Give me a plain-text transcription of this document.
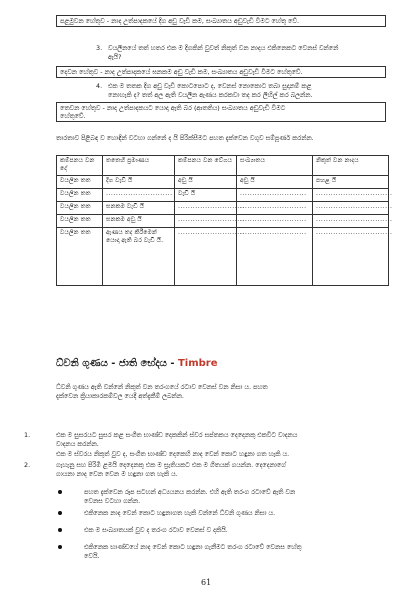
පළමුවන හේතුව - නාද උත්පාදකයේ දිග අඩු වැඩි කම, සංඛ්‍යාතය අඩුවැඩි වීමට හේතු වේ.
3. වයලීනයේ තත් හතර එක ම දිගකින් වුවත් නිකුත් වන නාදය එකිනෙකට වෙනස් වන්නේ
ඇයි?
දෙවන හේතුව - නාද උත්පාදකයේ ඝනකම අඩු වැඩි කම, සංඛ්‍යාතය අඩුවැඩි වීමට හේතුවේ.
4. එක ම තතක දිග අඩු වැඩි කොටපොට ද, වෙනස් නොකොට තබා සුදානම් කළ
නොහැකි ද? තත් අල ඇති වයලීන ඇණය කරකවා තද කර ලිහිල් කර බලන්න.
තෙවන හේතුව - නාද උත්පාදකයට යොදා ඇති බර (ආතතිය) සංඛ්‍යාතය අඩුවැඩි වීමට
හේතුවේ.
තාරතාව පිළිබඳ ව හොඳින් වටහා ගන්නේ ද යි පිරික්සීමට පහත දැක්වෙන වගුව සම්පූර්ණ කරන්න.
කම්පනය වන දේ	තතෙහි ප්‍රමාණය	කම්පනය වන වේගය	සංඛ්‍යාතය	නිකුත් වන නාදය
වයලීන තත	දිග වැඩි යි	අඩු යි	අඩු යි	පහළ යි
වයලීන තත	...........................	වැඩි යි	...........................	...............................
වයලීන තත	ඝනකම වැඩි යි	...........................	...........................	...............................
වයලීන තත	ඝනකම අඩු යි	...........................	...........................	...............................
වයලීන තත	ඇණය තද කිරීමෙන් යොදා ඇති බර වැඩි යි.	...........................	...........................	...............................
ධ්වනි ගුණය - ජාති භේදය - Timbre
ධ්වනි ගුණය ඇති වන්නේ නිකුත් වන තරංගයේ රටාව වෙනස් වන නිසා ය. පහත
දැක්වෙන ක්‍රියාකාරකම්වල යෙදී අත්දැකීම් ලබන්න.
1.	එක ම සුසරයට සුසර කළ සංගීත භාණ්ඩ දෙකකින් ස්වර සප්තකය දෙදෙනකු එකවිට වාදනය
වාදනය කරන්න.
එක ම ස්වරය නිකුත් වුව ද, සංගීත භාණ්ඩ දෙකෙහි නාද වෙන් කොට හඳුනා ගත හැකි ය.
2.	ගැහැනු සහ පිරිමි ළමයි දෙදෙනකු එක ම ස්‍රැතියකට එක ම ගීතයක් ගයන්න. දෙදෙනාගේ
ගායනා නාද වෙන වෙන ම හඳුනා ගත හැකි ය.
පහත දැක්වෙන රූප සටහන් අධ්‍යයනය කරන්න. එහි ඇති තරංග රටාවේ ඇති වන
වෙනස වටහා ගන්න.
එකිනෙක නාද වෙන් කොට හඳුනාගත හැකි වන්නේ ධ්වනි ගුණය නිසා ය.
එක ම සංඛ්‍යාතයක් වුව ද තරංග රටාව වෙනස් ව දකියි.
එකිනෙක භාණ්ඩයේ නාද වෙන් කොට හඳුනා ගැනීමට තරංග රටාවේ වෙනස හේතු
වෙයි.
61
